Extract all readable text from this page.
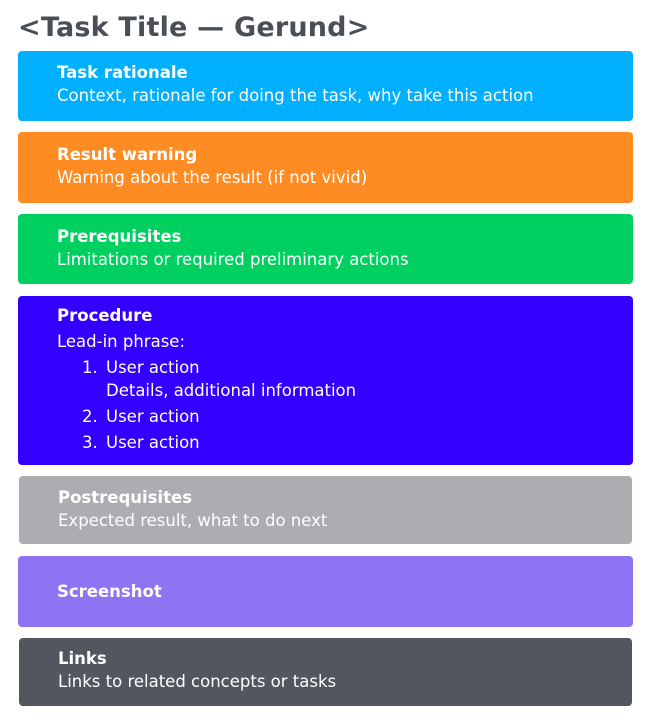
<Task Title — Gerund>
Task rationale
Context, rationale for doing the task, why take this action
Result warning
Warning about the result (if not vivid)
Prerequisites
Limitations or required preliminary actions
Procedure
Lead-in phrase:
1. User action
Details, additional information
2. User action
3. User action
Postrequisites
Expected result, what to do next
Screenshot
Links
Links to related concepts or tasks
